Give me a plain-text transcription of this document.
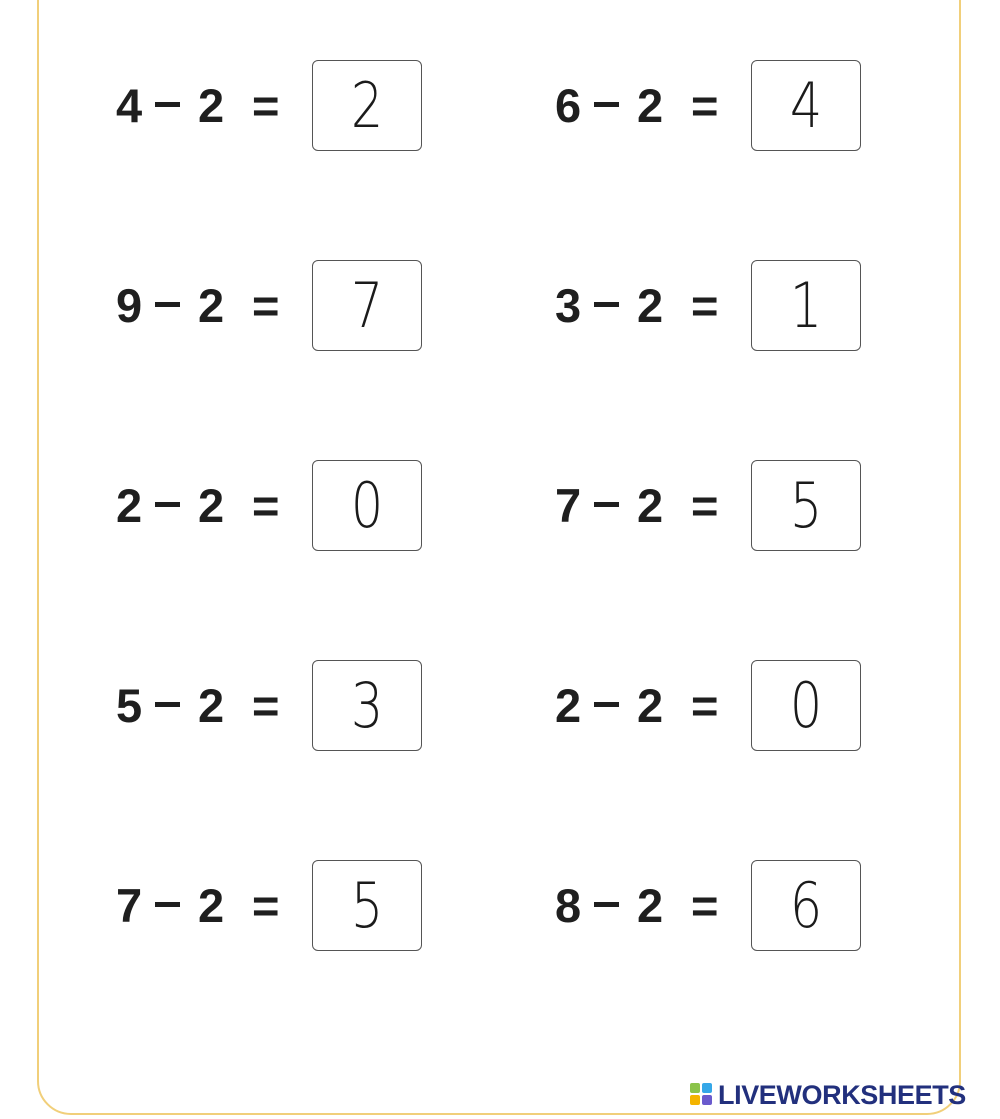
4 2 =	2	6 2 =	4
9 2 =	7	3 2 =	1
2 2 =	0	7 2 =	5
5 2 =	3	2 2 =	0
7 2 =	5	8 2 =	6
LIVEWORKSHEETS
